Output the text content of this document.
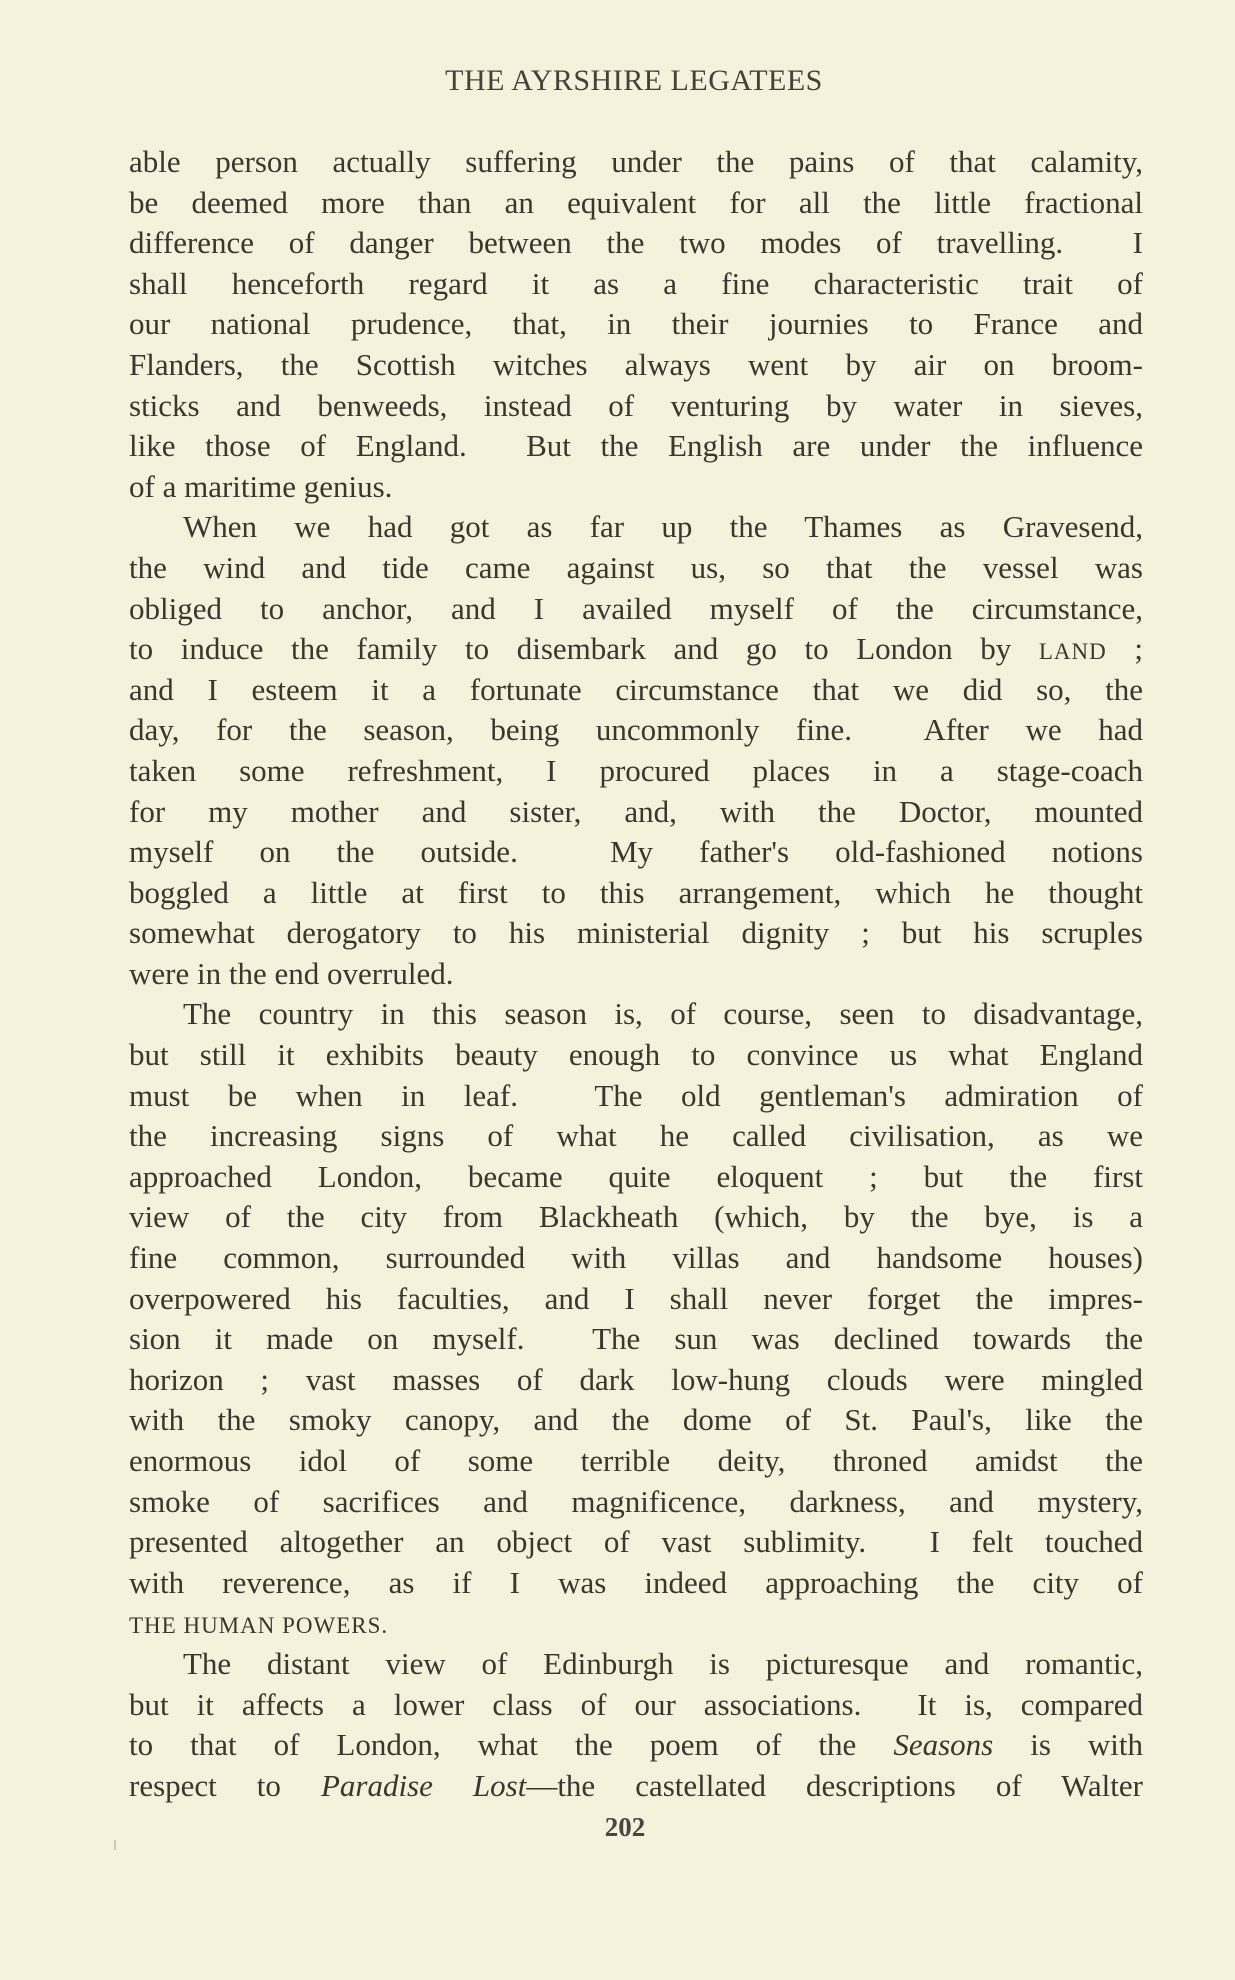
THE AYRSHIRE LEGATEES
able person actually suffering under the pains of that calamity,
be deemed more than an equivalent for all the little fractional
difference of danger between the two modes of travelling.  I
shall henceforth regard it as a fine characteristic trait of
our national prudence, that, in their journies to France and
Flanders, the Scottish witches always went by air on broom-
sticks and benweeds, instead of venturing by water in sieves,
like those of England.  But the English are under the influence
of a maritime genius.
When we had got as far up the Thames as Gravesend,
the wind and tide came against us, so that the vessel was
obliged to anchor, and I availed myself of the circumstance,
to induce the family to disembark and go to London by LAND ;
and I esteem it a fortunate circumstance that we did so, the
day, for the season, being uncommonly fine.  After we had
taken some refreshment, I procured places in a stage-coach
for my mother and sister, and, with the Doctor, mounted
myself on the outside.  My father's old-fashioned notions
boggled a little at first to this arrangement, which he thought
somewhat derogatory to his ministerial dignity ; but his scruples
were in the end overruled.
The country in this season is, of course, seen to disadvantage,
but still it exhibits beauty enough to convince us what England
must be when in leaf.  The old gentleman's admiration of
the increasing signs of what he called civilisation, as we
approached London, became quite eloquent ; but the first
view of the city from Blackheath (which, by the bye, is a
fine common, surrounded with villas and handsome houses)
overpowered his faculties, and I shall never forget the impres-
sion it made on myself.  The sun was declined towards the
horizon ; vast masses of dark low-hung clouds were mingled
with the smoky canopy, and the dome of St. Paul's, like the
enormous idol of some terrible deity, throned amidst the
smoke of sacrifices and magnificence, darkness, and mystery,
presented altogether an object of vast sublimity.  I felt touched
with reverence, as if I was indeed approaching the city of
THE HUMAN POWERS.
The distant view of Edinburgh is picturesque and romantic,
but it affects a lower class of our associations.  It is, compared
to that of London, what the poem of the Seasons is with
respect to Paradise Lost—the castellated descriptions of Walter
202
